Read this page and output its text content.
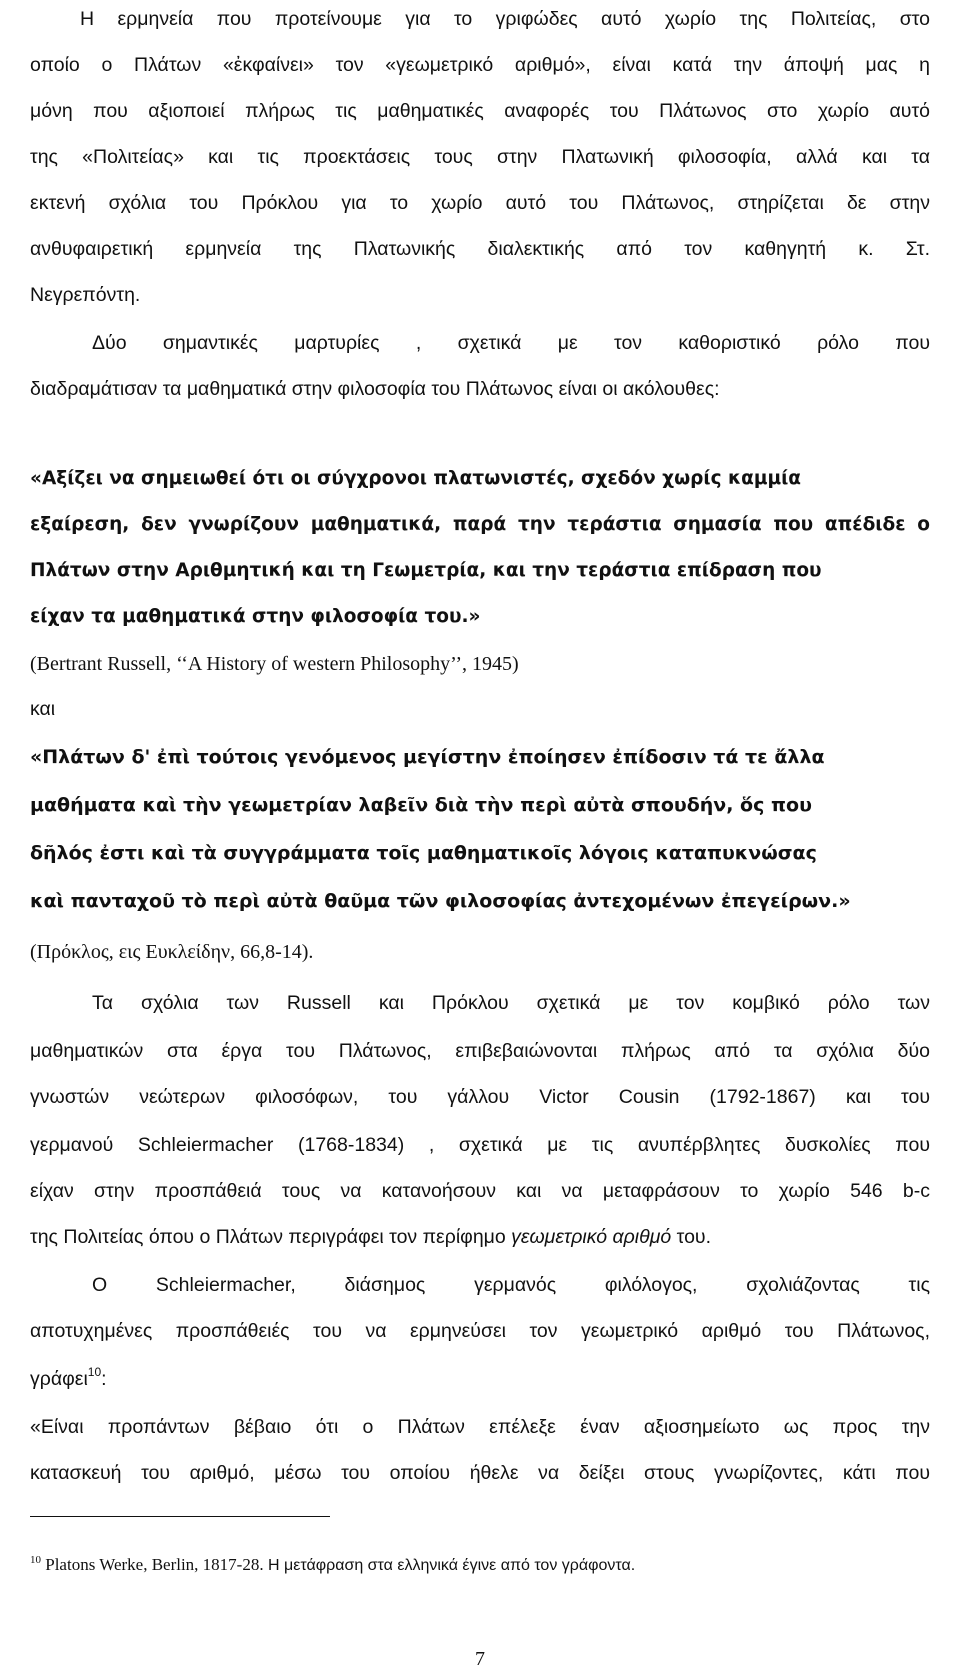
Η ερμηνεία που προτείνουμε για το γριφώδες αυτό χωρίο της Πολιτείας, στο

οποίο ο Πλάτων «ἐκφαίνει» τον «γεωμετρικό αριθμό», είναι κατά την άποψή μας η

μόνη που αξιοποιεί πλήρως τις μαθηματικές αναφορές του Πλάτωνος στο χωρίο αυτό

της «Πολιτείας» και τις προεκτάσεις τους στην Πλατωνική φιλοσοφία, αλλά και τα

εκτενή σχόλια του Πρόκλου για το χωρίο αυτό του Πλάτωνος, στηρίζεται δε στην

ανθυφαιρετική ερμηνεία της Πλατωνικής διαλεκτικής από τον καθηγητή κ. Στ.

Νεγρεπόντη.

Δύο σημαντικές μαρτυρίες , σχετικά με τον καθοριστικό ρόλο που

διαδραμάτισαν τα μαθηματικά στην φιλοσοφία του Πλάτωνος είναι οι ακόλουθες:

«Αξίζει να σημειωθεί ότι οι σύγχρονοι πλατωνιστές, σχεδόν χωρίς καμμία

εξαίρεση, δεν γνωρίζουν μαθηματικά, παρά την τεράστια σημασία που απέδιδε ο

Πλάτων στην Αριθμητική και τη Γεωμετρία, και την τεράστια επίδραση που

είχαν τα μαθηματικά στην φιλοσοφία του.»

(Bertrant Russell, ‘‘A History of western Philosophy’’, 1945)

και

«Πλάτων δ' ἐπὶ τούτοις γενόμενος μεγίστην ἐποίησεν ἐπίδοσιν τά τε ἄλλα

μαθήματα καὶ τὴν γεωμετρίαν λαβεῖν διὰ τὴν περὶ αὐτὰ σπουδήν, ὅς που

δῆλός ἐστι καὶ τὰ συγγράμματα τοῖς μαθηματικοῖς λόγοις καταπυκνώσας

καὶ πανταχοῦ τὸ περὶ αὐτὰ θαῦμα τῶν φιλοσοφίας ἀντεχομένων ἐπεγείρων.»

(Πρόκλος, εις Ευκλείδην, 66,8-14).

Τα σχόλια των Russell και Πρόκλου σχετικά με τον κομβικό ρόλο των

μαθηματικών στα έργα του Πλάτωνος, επιβεβαιώνονται πλήρως από τα σχόλια δύο

γνωστών νεώτερων φιλοσόφων, του γάλλου Victor Cousin (1792-1867) και του

γερμανού Schleiermacher (1768-1834) , σχετικά με τις ανυπέρβλητες δυσκολίες που

είχαν στην προσπάθειά τους να κατανοήσουν και να μεταφράσουν το χωρίο 546 b-c

της Πολιτείας όπου ο Πλάτων περιγράφει τον περίφημο γεωμετρικό αριθμό του.

Ο Schleiermacher, διάσημος γερμανός φιλόλογος, σχολιάζοντας τις

αποτυχημένες προσπάθειές του να ερμηνεύσει τον γεωμετρικό αριθμό του Πλάτωνος,

γράφει$^{10}$:

«Είναι προπάντων βέβαιο ότι ο Πλάτων επέλεξε έναν αξιοσημείωτο ως προς την

κατασκευή του αριθμό, μέσω του οποίου ήθελε να δείξει στους γνωρίζοντες, κάτι που

$^{10}$ Platons Werke, Berlin, 1817-28. Η μετάφραση στα ελληνικά έγινε από τον γράφοντα.

7
